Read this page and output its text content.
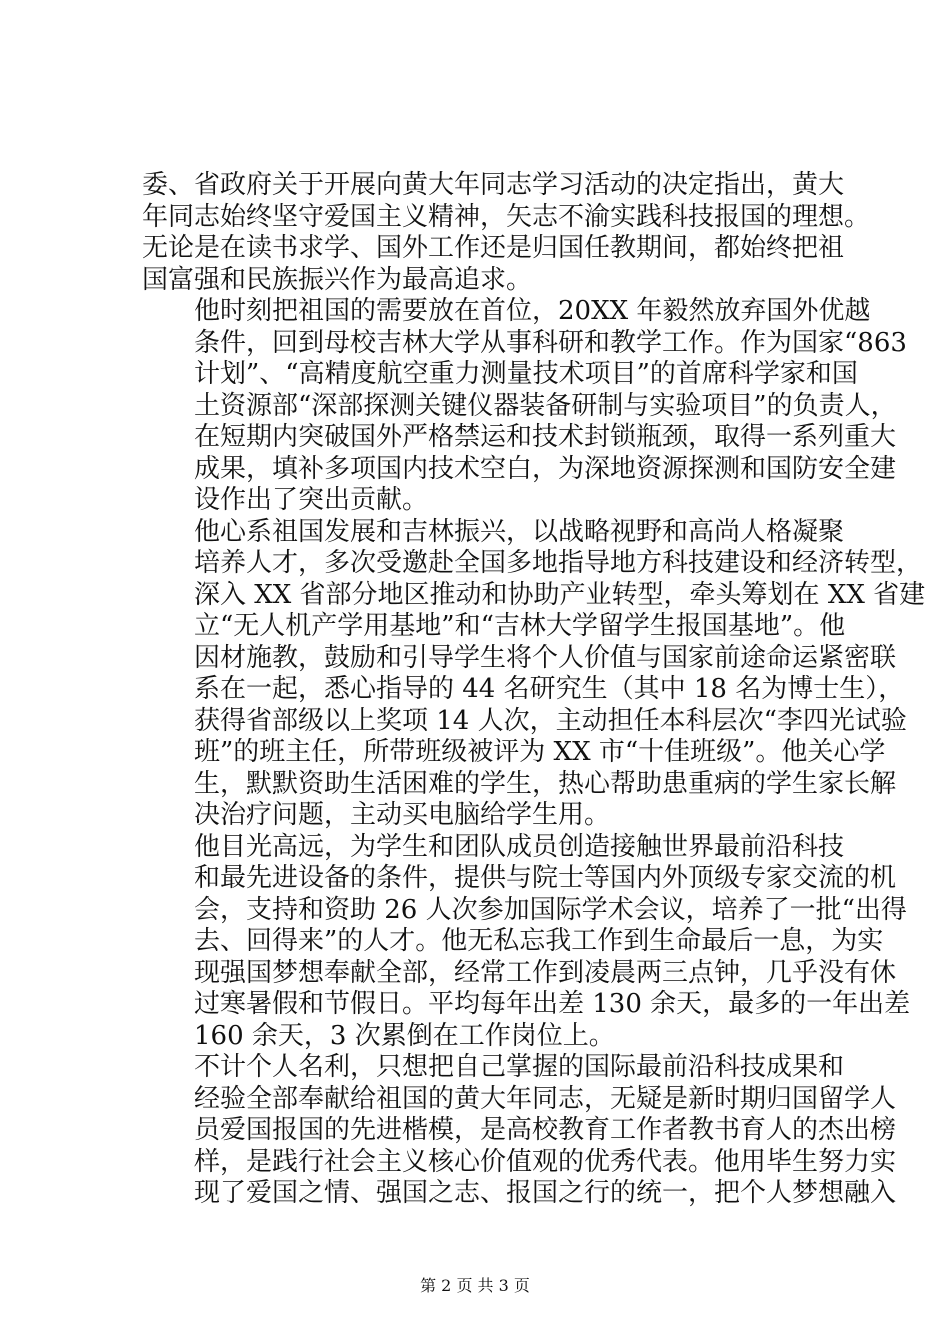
委、省政府关于开展向黄大年同志学习活动的决定指出，黄大
年同志始终坚守爱国主义精神，矢志不渝实践科技报国的理想。
无论是在读书求学、国外工作还是归国任教期间，都始终把祖
国富强和民族振兴作为最高追求。

他时刻把祖国的需要放在首位，20XX 年毅然放弃国外优越
条件，回到母校吉林大学从事科研和教学工作。作为国家“863
计划”、“高精度航空重力测量技术项目”的首席科学家和国
土资源部“深部探测关键仪器装备研制与实验项目”的负责人，
在短期内突破国外严格禁运和技术封锁瓶颈，取得一系列重大
成果，填补多项国内技术空白，为深地资源探测和国防安全建
设作出了突出贡献。

他心系祖国发展和吉林振兴，以战略视野和高尚人格凝聚
培养人才，多次受邀赴全国多地指导地方科技建设和经济转型，
深入 XX 省部分地区推动和协助产业转型，牵头筹划在 XX 省建
立“无人机产学用基地”和“吉林大学留学生报国基地”。他
因材施教，鼓励和引导学生将个人价值与国家前途命运紧密联
系在一起，悉心指导的 44 名研究生（其中 18 名为博士生），
获得省部级以上奖项 14 人次，主动担任本科层次“李四光试验
班”的班主任，所带班级被评为 XX 市“十佳班级”。他关心学
生，默默资助生活困难的学生，热心帮助患重病的学生家长解
决治疗问题，主动买电脑给学生用。

他目光高远，为学生和团队成员创造接触世界最前沿科技
和最先进设备的条件，提供与院士等国内外顶级专家交流的机
会，支持和资助 26 人次参加国际学术会议，培养了一批“出得
去、回得来”的人才。他无私忘我工作到生命最后一息，为实
现强国梦想奉献全部，经常工作到凌晨两三点钟，几乎没有休
过寒暑假和节假日。平均每年出差 130 余天，最多的一年出差
160 余天，3 次累倒在工作岗位上。

不计个人名利，只想把自己掌握的国际最前沿科技成果和
经验全部奉献给祖国的黄大年同志，无疑是新时期归国留学人
员爱国报国的先进楷模，是高校教育工作者教书育人的杰出榜
样，是践行社会主义核心价值观的优秀代表。他用毕生努力实
现了爱国之情、强国之志、报国之行的统一，把个人梦想融入

第 2 页 共 3 页
